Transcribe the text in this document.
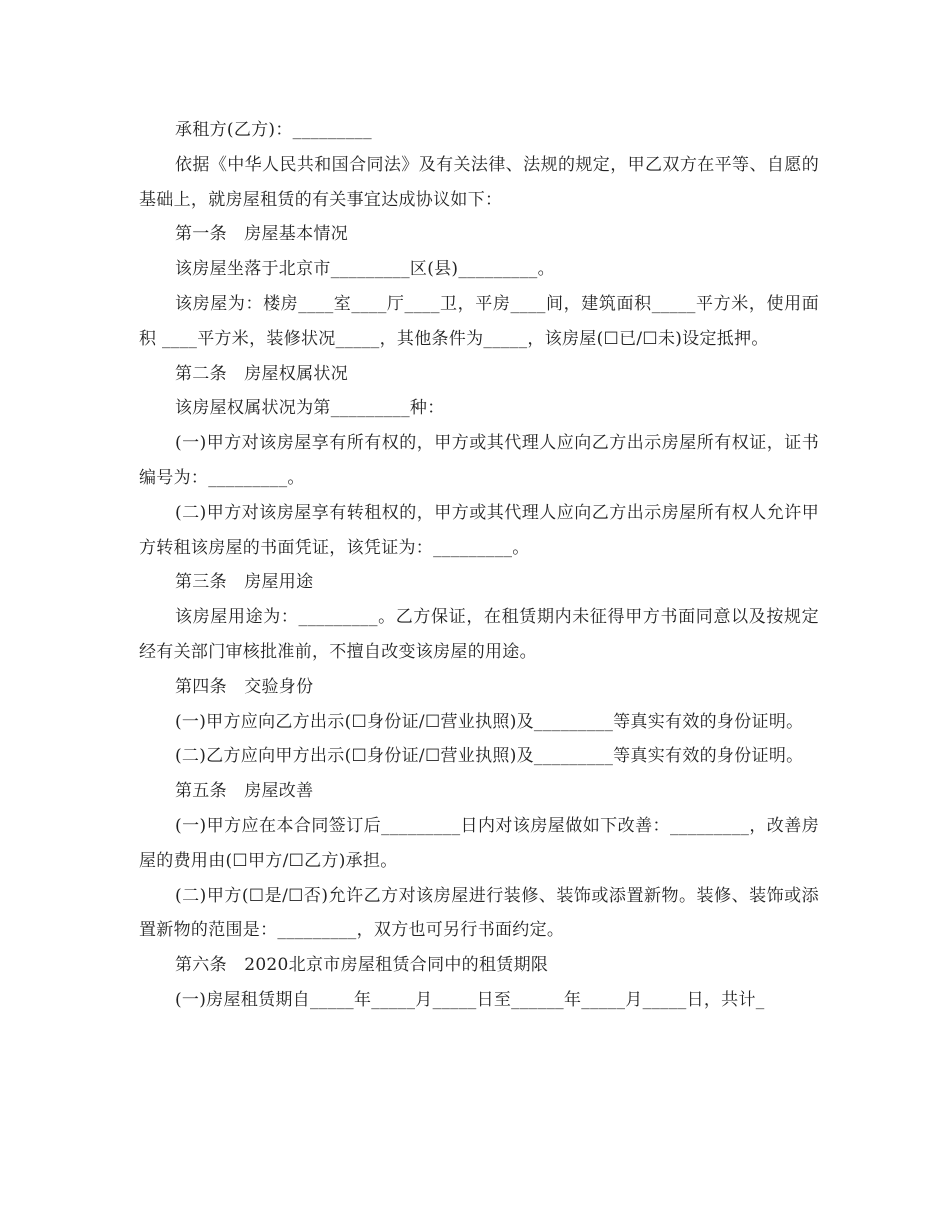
承租方(乙方)：_________

依据《中华人民共和国合同法》及有关法律、法规的规定，甲乙双方在平等、自愿的基础上，就房屋租赁的有关事宜达成协议如下：

第一条　房屋基本情况

该房屋坐落于北京市_________区(县)_________。

该房屋为：楼房____室____厅____卫，平房____间，建筑面积_____平方米，使用面积 ____平方米，装修状况_____，其他条件为_____，该房屋(☐已/☐未)设定抵押。

第二条　房屋权属状况

该房屋权属状况为第_________种：

(一)甲方对该房屋享有所有权的，甲方或其代理人应向乙方出示房屋所有权证，证书编号为：_________。

(二)甲方对该房屋享有转租权的，甲方或其代理人应向乙方出示房屋所有权人允许甲方转租该房屋的书面凭证，该凭证为：_________。

第三条　房屋用途

该房屋用途为：_________。乙方保证，在租赁期内未征得甲方书面同意以及按规定经有关部门审核批准前，不擅自改变该房屋的用途。

第四条　交验身份

(一)甲方应向乙方出示(☐身份证/☐营业执照)及_________等真实有效的身份证明。

(二)乙方应向甲方出示(☐身份证/☐营业执照)及_________等真实有效的身份证明。

第五条　房屋改善

(一)甲方应在本合同签订后_________日内对该房屋做如下改善：_________，改善房屋的费用由(☐甲方/☐乙方)承担。

(二)甲方(☐是/☐否)允许乙方对该房屋进行装修、装饰或添置新物。装修、装饰或添置新物的范围是：_________，双方也可另行书面约定。

第六条　2020北京市房屋租赁合同中的租赁期限

(一)房屋租赁期自_____年_____月_____日至______年_____月_____日，共计_
